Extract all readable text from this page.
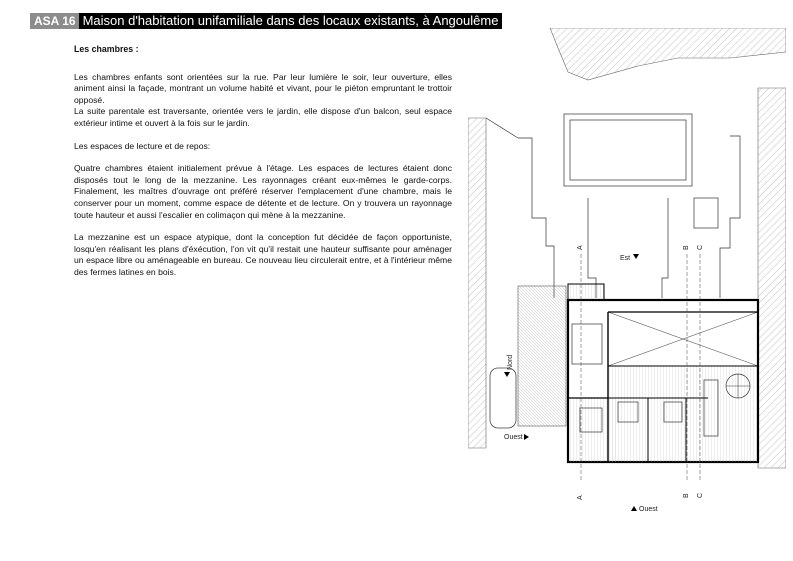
ASA 16 Maison d'habitation unifamiliale dans des locaux existants, à Angoulême
Les chambres :

Les chambres enfants sont orientées sur la rue. Par leur lumière le soir, leur ouverture, elles animent ainsi la façade, montrant un volume habité et vivant, pour le piéton empruntant le trottoir opposé.
La suite parentale est traversante, orientée vers le jardin, elle dispose d'un balcon, seul espace extérieur intime et ouvert à la fois sur le jardin.

Les espaces de lecture et de repos:

Quatre chambres étaient initialement prévue à l'étage. Les espaces de lectures étaient donc disposés tout le long de la mezzanine. Les rayonnages créant eux-mêmes le garde-corps. Finalement, les maîtres d'ouvrage ont préféré réserver l'emplacement d'une chambre, mais le conserver pour un moment, comme espace de détente et de lecture. On y trouvera un rayonnage toute hauteur et aussi l'escalier en colimaçon qui mène à la mezzanine.

La mezzanine est un espace atypique, dont la conception fut décidée de façon opportuniste, losqu'en réalisant les plans d'éxécution, l'on vit qu'il restait une hauteur suffisante pour aménager un espace libre ou aménageable en bureau. Ce nouveau lieu circulerait entre, et à l'intérieur même des fermes latines en bois.

A
A
B
B
C
C
Est
Ouest
Ouest
Nord
